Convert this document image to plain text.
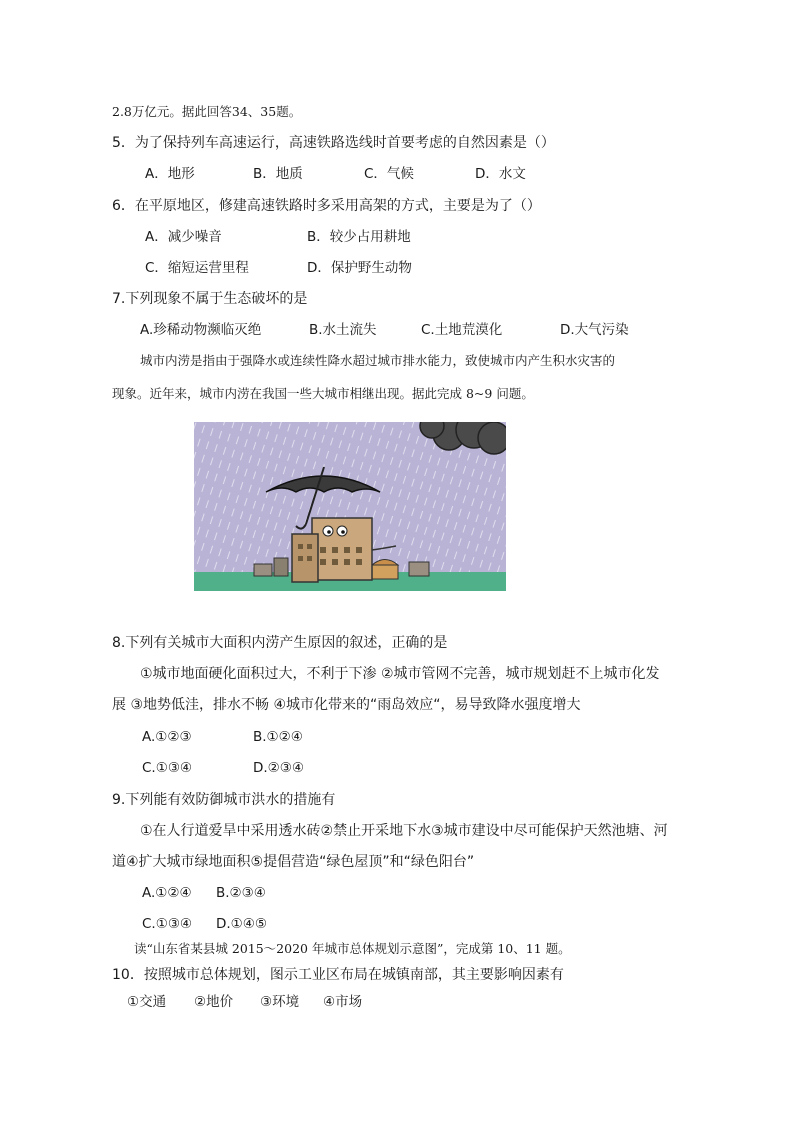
2.8万亿元。据此回答34、35题。
5．为了保持列车高速运行，高速铁路选线时首要考虑的自然因素是（）
A．地形	B．地质	C．气候	D．水文
6．在平原地区，修建高速铁路时多采用高架的方式，主要是为了（）
A．减少噪音	B．较少占用耕地
C．缩短运营里程	D．保护野生动物
7.下列现象不属于生态破坏的是
A.珍稀动物濒临灭绝	B.水土流失	C.土地荒漠化	D.大气污染
城市内涝是指由于强降水或连续性降水超过城市排水能力，致使城市内产生积水灾害的
现象。近年来，城市内涝在我国一些大城市相继出现。据此完成 8~9 问题。
8.下列有关城市大面积内涝产生原因的叙述，正确的是
①城市地面硬化面积过大，不利于下渗 ②城市管网不完善，城市规划赶不上城市化发
展 ③地势低洼，排水不畅 ④城市化带来的“雨岛效应“，易导致降水强度增大
A.①②③	B.①②④
C.①③④	D.②③④
9.下列能有效防御城市洪水的措施有
①在人行道爱旱中采用透水砖②禁止开采地下水③城市建设中尽可能保护天然池塘、河
道④扩大城市绿地面积⑤提倡营造“绿色屋顶”和“绿色阳台”
A.①②④ B.②③④
C.①③④ D.①④⑤
读“山东省某县城 2015～2020 年城市总体规划示意图”，完成第 10、11 题。
10．按照城市总体规划，图示工业区布局在城镇南部，其主要影响因素有
①交通 ②地价 ③环境 ④市场
